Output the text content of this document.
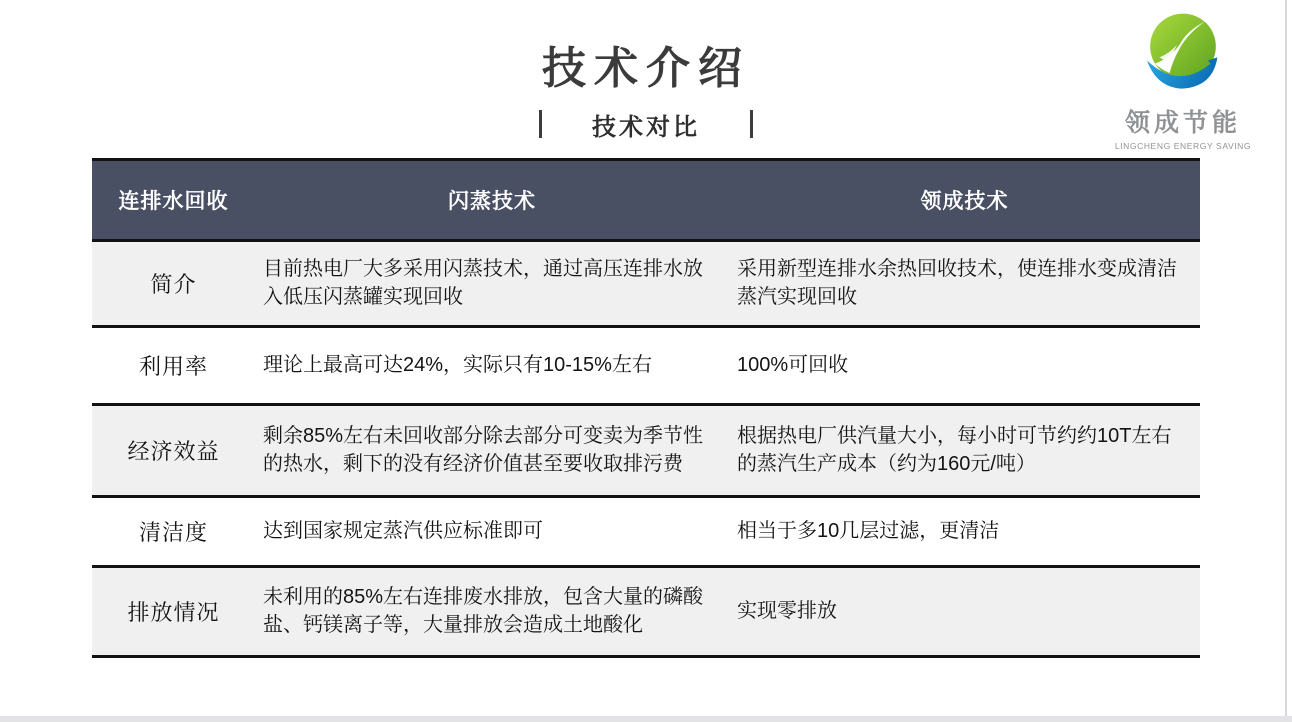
技术介绍
技术对比	领成节能
LINGCHENG ENERGY SAVING
连排水回收	闪蒸技术	领成技术
简介	目前热电厂大多采用闪蒸技术，通过高压连排水放入低压闪蒸罐实现回收	采用新型连排水余热回收技术，使连排水变成清洁蒸汽实现回收
利用率	理论上最高可达24%，实际只有10-15%左右	100%可回收
经济效益	剩余85%左右未回收部分除去部分可变卖为季节性的热水，剩下的没有经济价值甚至要收取排污费	根据热电厂供汽量大小，每小时可节约约10T左右的蒸汽生产成本（约为160元/吨）
清洁度	达到国家规定蒸汽供应标准即可	相当于多10几层过滤，更清洁
排放情况	未利用的85%左右连排废水排放，包含大量的磷酸盐、钙镁离子等，大量排放会造成土地酸化	实现零排放
